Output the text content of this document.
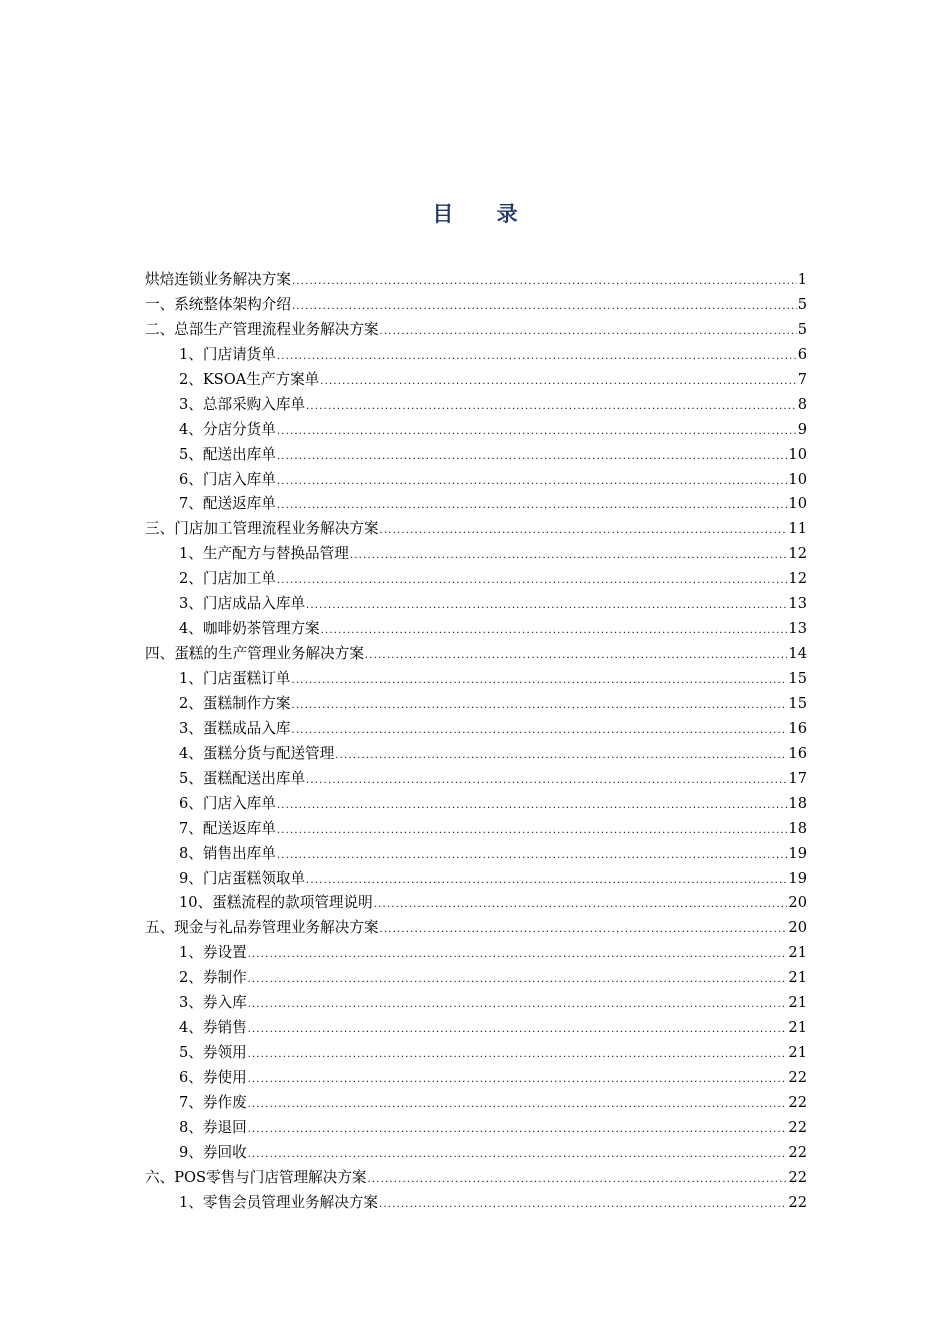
目 录
烘焙连锁业务解决方案 .....	1
一、系统整体架构介绍 .....	5
二、总部生产管理流程业务解决方案 .....	5
1、门店请货单 .....	6
2、KSOA生产方案单 .....	7
3、总部采购入库单 .....	8
4、分店分货单 .....	9
5、配送出库单 .....	10
6、门店入库单 .....	10
7、配送返库单 .....	10
三、门店加工管理流程业务解决方案 .....	11
1、生产配方与替换品管理 .....	12
2、门店加工单 .....	12
3、门店成品入库单 .....	13
4、咖啡奶茶管理方案 .....	13
四、蛋糕的生产管理业务解决方案 .....	14
1、门店蛋糕订单 .....	15
2、蛋糕制作方案 .....	15
3、蛋糕成品入库 .....	16
4、蛋糕分货与配送管理 .....	16
5、蛋糕配送出库单 .....	17
6、门店入库单 .....	18
7、配送返库单 .....	18
8、销售出库单 .....	19
9、门店蛋糕领取单 .....	19
10、蛋糕流程的款项管理说明 .....	20
五、现金与礼品券管理业务解决方案 .....	20
1、券设置 .....	21
2、券制作 .....	21
3、券入库 .....	21
4、券销售 .....	21
5、券领用 .....	21
6、券使用 .....	22
7、券作废 .....	22
8、券退回 .....	22
9、券回收 .....	22
六、POS零售与门店管理解决方案 .....	22
1、零售会员管理业务解决方案 .....	22
